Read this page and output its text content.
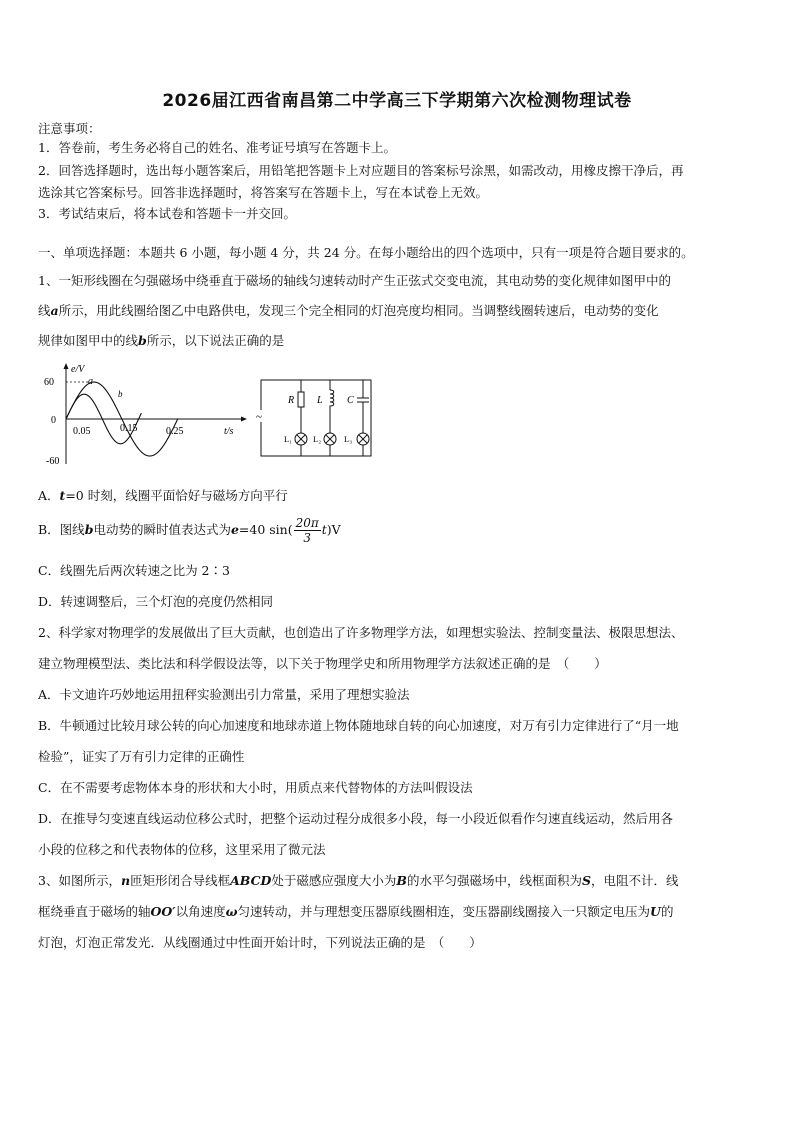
2026届江西省南昌第二中学高三下学期第六次检测物理试卷
注意事项：
1．答卷前，考生务必将自己的姓名、准考证号填写在答题卡上。
2．回答选择题时，选出每小题答案后，用铅笔把答题卡上对应题目的答案标号涂黑，如需改动，用橡皮擦干净后，再
选涂其它答案标号。回答非选择题时，将答案写在答题卡上，写在本试卷上无效。
3．考试结束后，将本试卷和答题卡一并交回。
一、单项选择题：本题共 6 小题，每小题 4 分，共 24 分。在每小题给出的四个选项中，只有一项是符合题目要求的。
1、一矩形线圈在匀强磁场中绕垂直于磁场的轴线匀速转动时产生正弦式交变电流，其电动势的变化规律如图甲中的
线a所示，用此线圈给图乙中电路供电，发现三个完全相同的灯泡亮度均相同。当调整线圈转速后，电动势的变化
规律如图甲中的线b所示，以下说法正确的是
e/V
t/s
60
0
-60
0.05	0.15	0.25
a
b
~
R L C
L₁ L₂	L₃
A．t=0 时刻，线圈平面恰好与磁场方向平行
B．图线b电动势的瞬时值表达式为e=40 $\sin( \frac{20\pi}{3} t)V$
C．线圈先后两次转速之比为 2∶3
D．转速调整后，三个灯泡的亮度仍然相同
2、科学家对物理学的发展做出了巨大贡献，也创造出了许多物理学方法，如理想实验法、控制变量法、极限思想法、
建立物理模型法、类比法和科学假设法等，以下关于物理学史和所用物理学方法叙述正确的是　（　　）
A．卡文迪许巧妙地运用扭秤实验测出引力常量，采用了理想实验法
B．牛顿通过比较月球公转的向心加速度和地球赤道上物体随地球自转的向心加速度，对万有引力定律进行了“月一地
检验”，证实了万有引力定律的正确性
C．在不需要考虑物体本身的形状和大小时，用质点来代替物体的方法叫假设法
D．在推导匀变速直线运动位移公式时，把整个运动过程分成很多小段，每一小段近似看作匀速直线运动，然后用各
小段的位移之和代表物体的位移，这里采用了微元法
3、如图所示，n匝矩形闭合导线框ABCD处于磁感应强度大小为B的水平匀强磁场中，线框面积为S，电阻不计．线
框绕垂直于磁场的轴OO′以角速度ω匀速转动，并与理想变压器原线圈相连，变压器副线圈接入一只额定电压为U的
灯泡，灯泡正常发光．从线圈通过中性面开始计时，下列说法正确的是　（　　）
